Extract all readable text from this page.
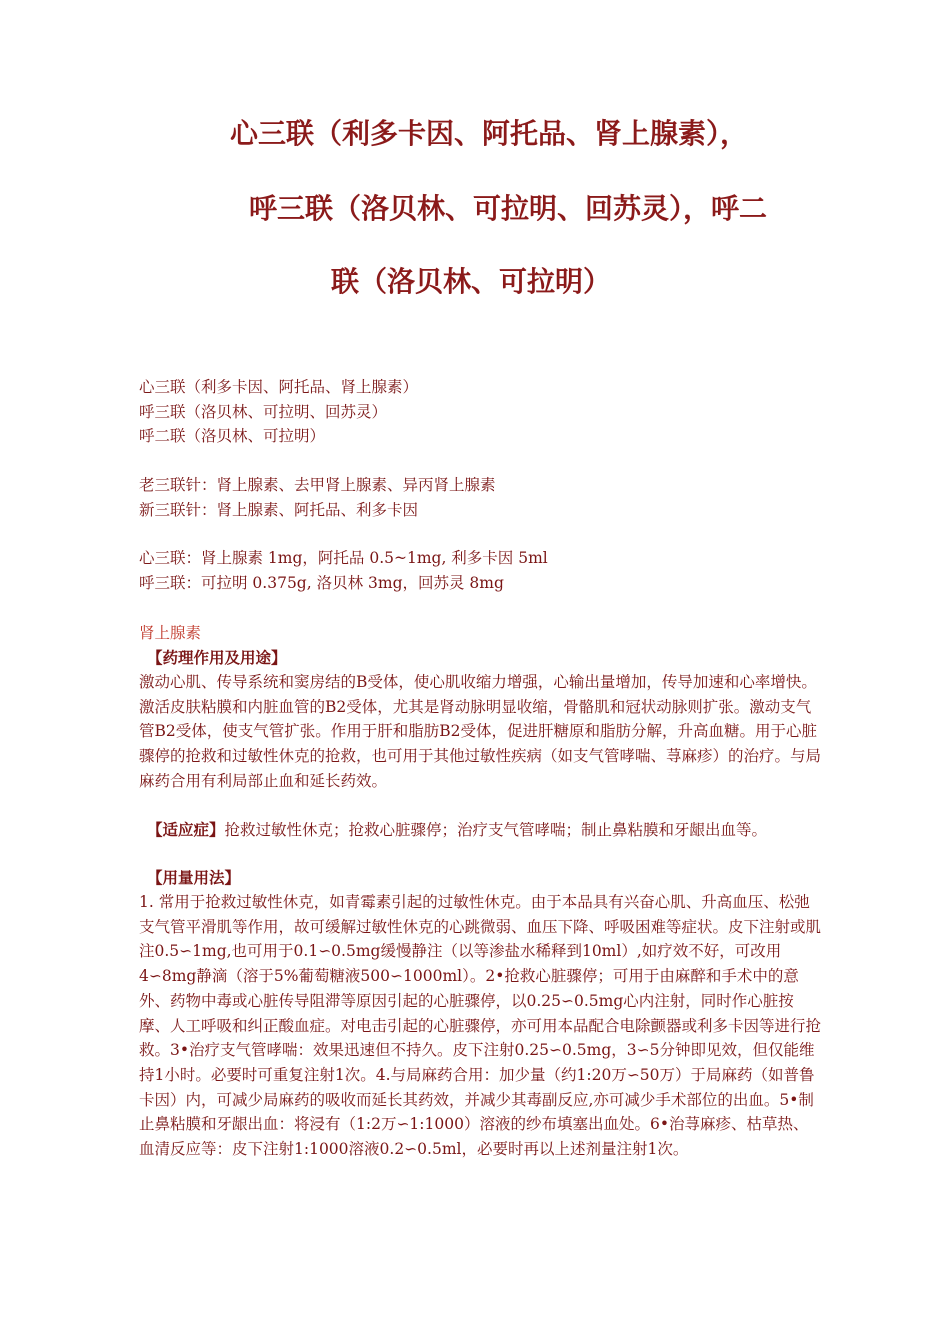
心三联（利多卡因、阿托品、肾上腺素），
呼三联（洛贝林、可拉明、回苏灵），呼二
联（洛贝林、可拉明）

心三联（利多卡因、阿托品、肾上腺素）

呼三联（洛贝林、可拉明、回苏灵）

呼二联（洛贝林、可拉明）

老三联针：肾上腺素、去甲肾上腺素、异丙肾上腺素

新三联针：肾上腺素、阿托品、利多卡因

心三联：肾上腺素 1mg，阿托品 0.5~1mg, 利多卡因 5ml

呼三联：可拉明 0.375g, 洛贝林 3mg，回苏灵 8mg

肾上腺素

【药理作用及用途】

激动心肌、传导系统和窦房结的Β受体，使心肌收缩力增强，心输出量增加，传导加速和心率增快。激活皮肤粘膜和内脏血管的Β2受体，尤其是肾动脉明显收缩，骨骼肌和冠状动脉则扩张。激动支气管Β2受体，使支气管扩张。作用于肝和脂肪Β2受体，促进肝糖原和脂肪分解，升高血糖。用于心脏骤停的抢救和过敏性休克的抢救，也可用于其他过敏性疾病（如支气管哮喘、荨麻疹）的治疗。与局麻药合用有利局部止血和延长药效。

【适应症】抢救过敏性休克；抢救心脏骤停；治疗支气管哮喘；制止鼻粘膜和牙龈出血等。

【用量用法】

1. 常用于抢救过敏性休克，如青霉素引起的过敏性休克。由于本品具有兴奋心肌、升高血压、松弛支气管平滑肌等作用，故可缓解过敏性休克的心跳微弱、血压下降、呼吸困难等症状。皮下注射或肌注0.5∽1mg,也可用于0.1∽0.5mg缓慢静注（以等渗盐水稀释到10ml）,如疗效不好，可改用4∽8mg静滴（溶于5%葡萄糖液500∽1000ml）。2•抢救心脏骤停；可用于由麻醉和手术中的意外、药物中毒或心脏传导阻滞等原因引起的心脏骤停，以0.25∽0.5mg心内注射，同时作心脏按摩、人工呼吸和纠正酸血症。对电击引起的心脏骤停，亦可用本品配合电除颤器或利多卡因等进行抢救。3•治疗支气管哮喘：效果迅速但不持久。皮下注射0.25∽0.5mg，3∽5分钟即见效，但仅能维持1小时。必要时可重复注射1次。4.与局麻药合用：加少量（约1:20万∽50万）于局麻药（如普鲁卡因）内，可减少局麻药的吸收而延长其药效，并减少其毒副反应,亦可减少手术部位的出血。5•制止鼻粘膜和牙龈出血：将浸有（1:2万∽1:1000）溶液的纱布填塞出血处。6•治荨麻疹、枯草热、血清反应等：皮下注射1:1000溶液0.2∽0.5ml，必要时再以上述剂量注射1次。
